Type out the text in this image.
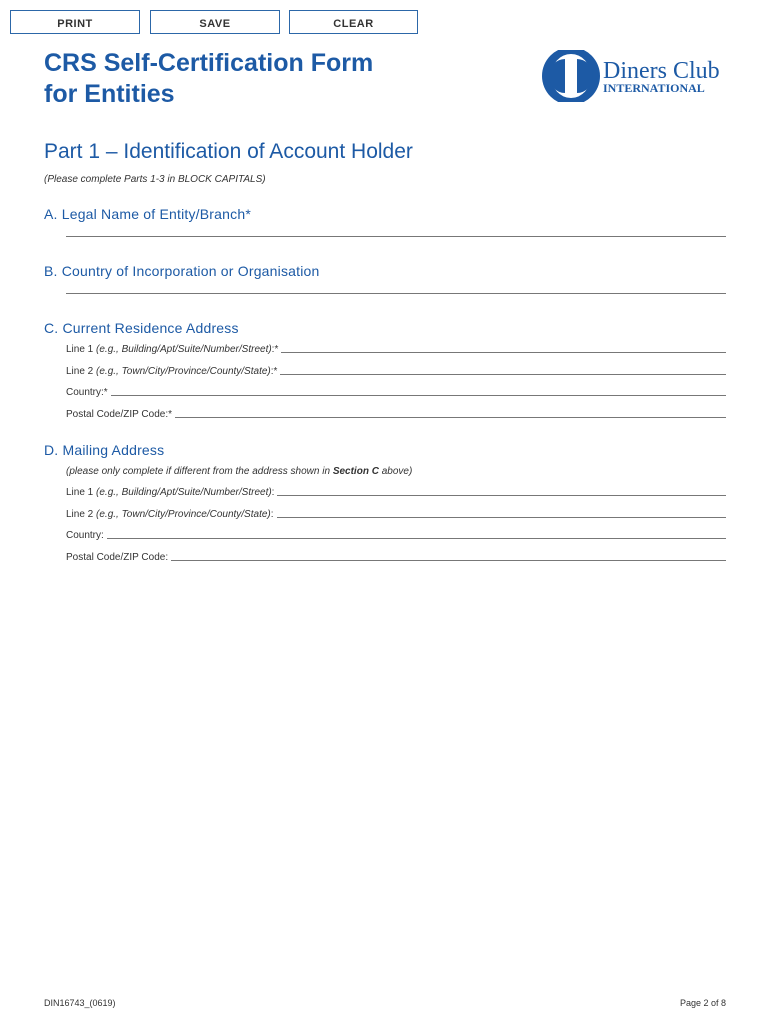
PRINT	SAVE	CLEAR
CRS Self-Certification Form
for Entities
Diners Club
INTERNATIONAL
Part 1 – Identification of Account Holder
(Please complete Parts 1-3 in BLOCK CAPITALS)
A. Legal Name of Entity/Branch*
B. Country of Incorporation or Organisation
C. Current Residence Address
Line 1 (e.g., Building/Apt/Suite/Number/Street):*
Line 2 (e.g., Town/City/Province/County/State):*
Country:*
Postal Code/ZIP Code:*
D. Mailing Address
(please only complete if different from the address shown in Section C above)
Line 1 (e.g., Building/Apt/Suite/Number/Street):
Line 2 (e.g., Town/City/Province/County/State):
Country:
Postal Code/ZIP Code:
DIN16743_(0619)	Page 2 of 8
